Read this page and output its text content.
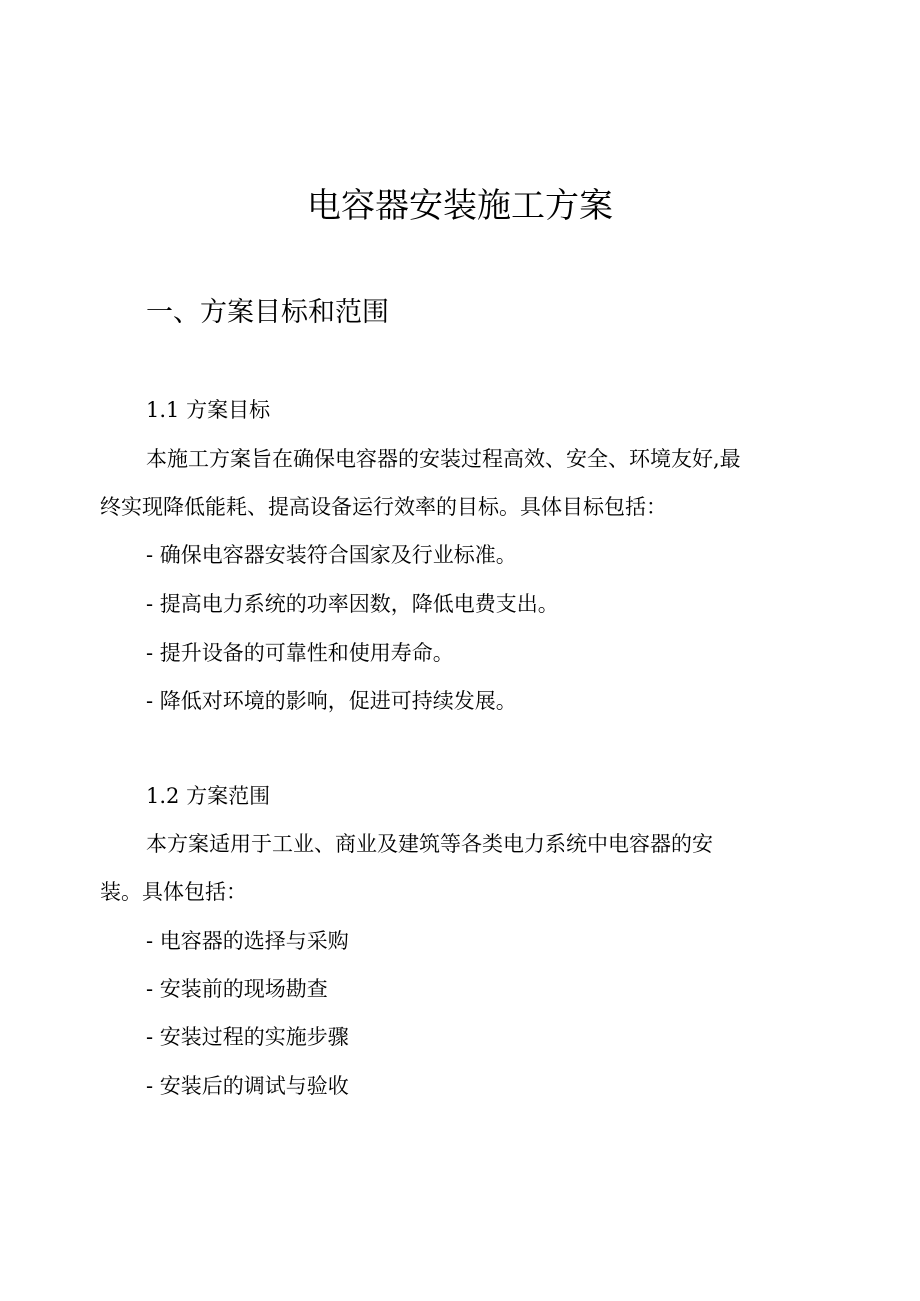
电容器安装施工方案
一、方案目标和范围
1.1 方案目标
本施工方案旨在确保电容器的安装过程高效、安全、环境友好,最
终实现降低能耗、提高设备运行效率的目标。具体目标包括：
- 确保电容器安装符合国家及行业标准。
- 提高电力系统的功率因数，降低电费支出。
- 提升设备的可靠性和使用寿命。
- 降低对环境的影响，促进可持续发展。
1.2 方案范围
本方案适用于工业、商业及建筑等各类电力系统中电容器的安
装。具体包括：
- 电容器的选择与采购
- 安装前的现场勘查
- 安装过程的实施步骤
- 安装后的调试与验收
